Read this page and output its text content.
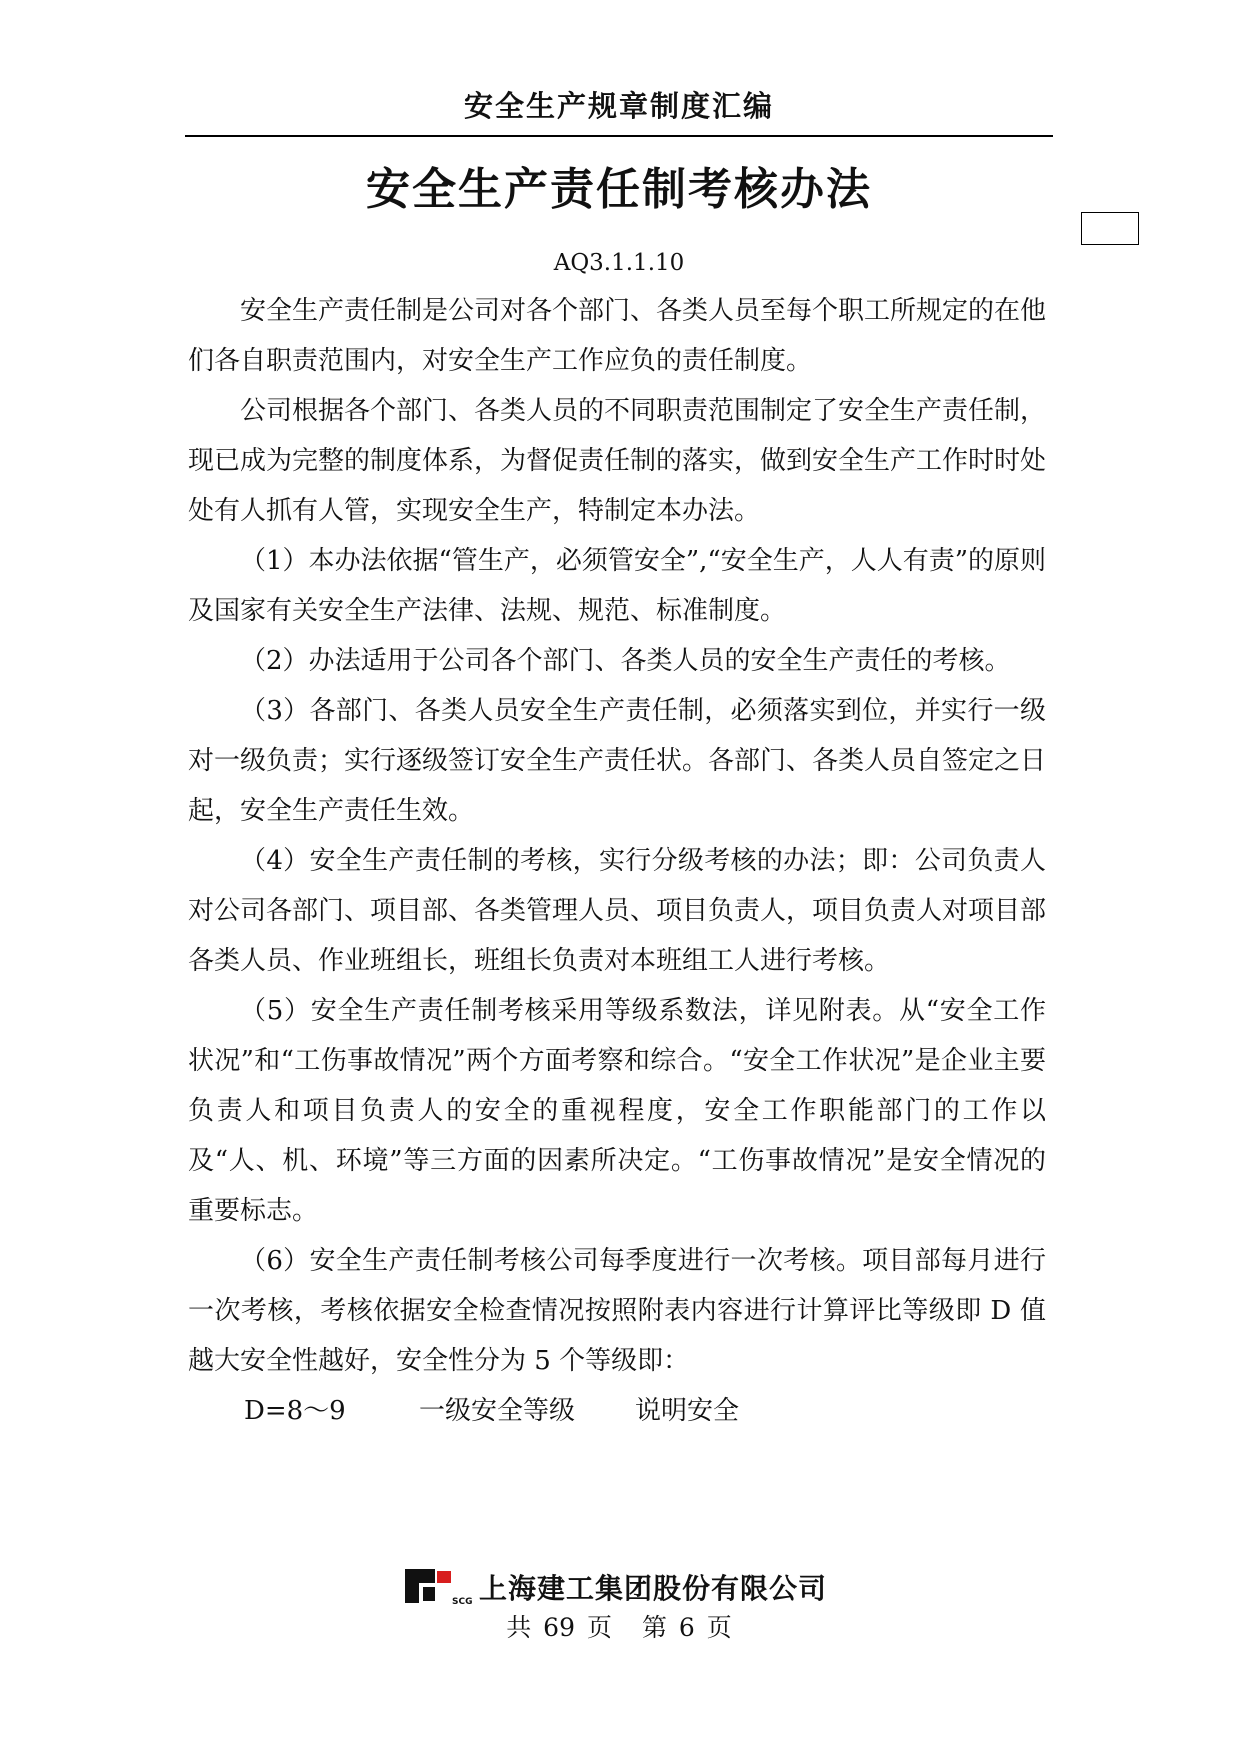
安全生产规章制度汇编
安全生产责任制考核办法
AQ3.1.1.10

安全生产责任制是公司对各个部门、各类人员至每个职工所规定的在他们各自职责范围内，对安全生产工作应负的责任制度。

公司根据各个部门、各类人员的不同职责范围制定了安全生产责任制，现已成为完整的制度体系，为督促责任制的落实，做到安全生产工作时时处处有人抓有人管，实现安全生产，特制定本办法。

（1）本办法依据“管生产，必须管安全”,“安全生产，人人有责”的原则及国家有关安全生产法律、法规、规范、标准制度。

（2）办法适用于公司各个部门、各类人员的安全生产责任的考核。

（3）各部门、各类人员安全生产责任制，必须落实到位，并实行一级对一级负责；实行逐级签订安全生产责任状。各部门、各类人员自签定之日起，安全生产责任生效。

（4）安全生产责任制的考核，实行分级考核的办法；即：公司负责人对公司各部门、项目部、各类管理人员、项目负责人，项目负责人对项目部各类人员、作业班组长，班组长负责对本班组工人进行考核。

（5）安全生产责任制考核采用等级系数法，详见附表。从“安全工作状况”和“工伤事故情况”两个方面考察和综合。“安全工作状况”是企业主要负责人和项目负责人的安全的重视程度，安全工作职能部门的工作以及“人、机、环境”等三方面的因素所决定。“工伤事故情况”是安全情况的重要标志。

（6）安全生产责任制考核公司每季度进行一次考核。项目部每月进行一次考核，考核依据安全检查情况按照附表内容进行计算评比等级即 D 值越大安全性越好，安全性分为 5 个等级即：

D=8～9	一级安全等级 说明安全
SCG 上海建工集团股份有限公司
共 69 页 第 6 页
